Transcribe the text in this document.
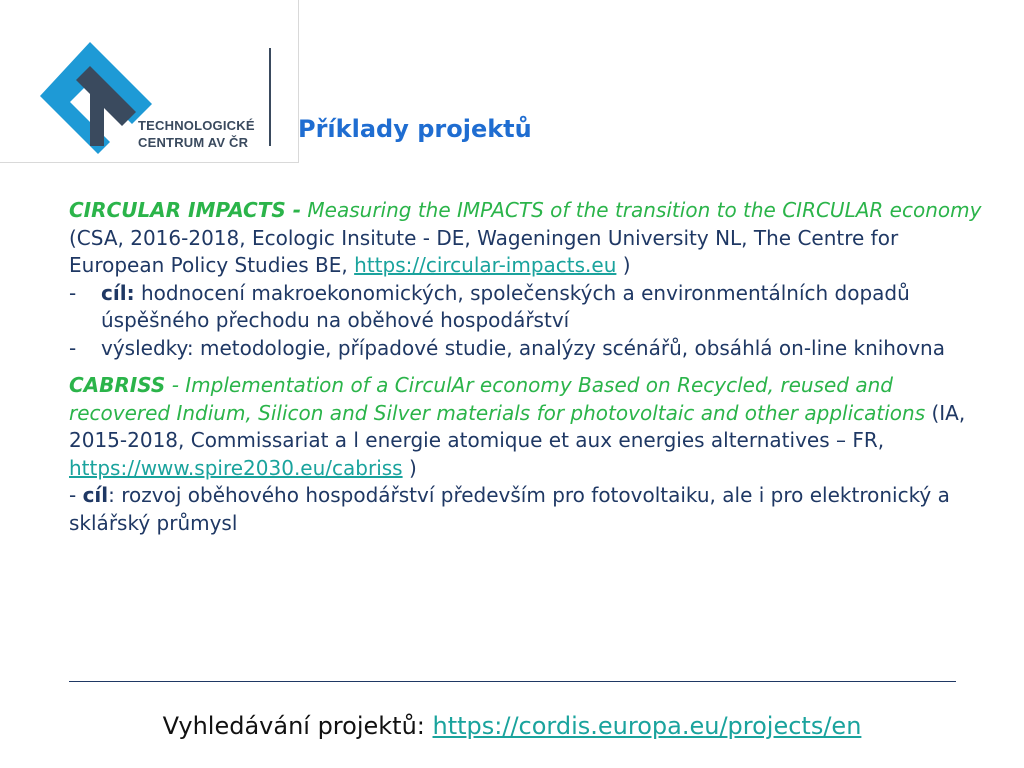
TECHNOLOGICKÉ
CENTRUM AV ČR Příklady projektů

CIRCULAR IMPACTS - Measuring the IMPACTS of the transition to the CIRCULAR economy (CSA, 2016-2018, Ecologic Insitute - DE, Wageningen University NL, The Centre for European Policy Studies BE, https://circular-impacts.eu )

- cíl: hodnocení makroekonomických, společenských a environmentálních dopadů úspěšného přechodu na oběhové hospodářství

- výsledky: metodologie, případové studie, analýzy scénářů, obsáhlá on-line knihovna

CABRISS - Implementation of a CirculAr economy Based on Recycled, reused and recovered Indium, Silicon and Silver materials for photovoltaic and other applications (IA, 2015-2018, Commissariat a l energie atomique et aux energies alternatives – FR, https://www.spire2030.eu/cabriss )

- cíl: rozvoj oběhového hospodářství především pro fotovoltaiku, ale i pro elektronický a sklářský průmysl

Vyhledávání projektů: https://cordis.europa.eu/projects/en
